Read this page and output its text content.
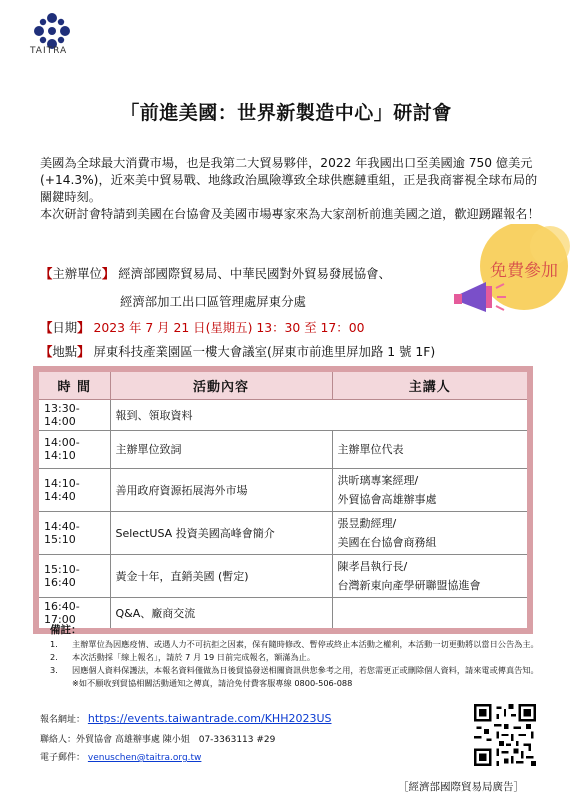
TAITRA
「前進美國：世界新製造中心」研討會

美國為全球最大消費市場，也是我第二大貿易夥伴，2022 年我國出口至美國逾 750 億美元(+14.3%)，近來美中貿易戰、地緣政治風險導致全球供應鏈重組，正是我商審視全球布局的關鍵時刻。

本次研討會特請到美國在台協會及美國市場專家來為大家剖析前進美國之道，歡迎踴躍報名！

免費參加
【主辦單位】 經濟部國際貿易局、中華民國對外貿易發展協會、
經濟部加工出口區管理處屏東分處
【日期】 2023 年 7 月 21 日(星期五) 13：30 至 17：00
【地點】 屏東科技產業園區一樓大會議室(屏東市前進里屏加路 1 號 1F)
時 間	活動內容	主講人
13:30-14:00	報到、領取資料	
14:00-14:10	主辦單位致詞	主辦單位代表
14:10-14:40	善用政府資源拓展海外市場	洪昕璃專案經理/
外貿協會高雄辦事處

14:40-15:10	SelectUSA 投資美國高峰會簡介	張昱勳經理/
美國在台協會商務組

15:10-16:40	黃金十年，直銷美國 (暫定)	陳孝昌執行長/
台灣新東向產學研聯盟協進會

16:40-17:00	Q&A、廠商交流	
備註：
1.	主辦單位為因應疫情、或遇人力不可抗拒之因素，保有隨時修改、暫停或終止本活動之權利，本活動一切更動將以當日公告為主。
2.	本次活動採「線上報名」，請於 7 月 19 日前完成報名，額滿為止。
3.	因應個人資料保護法，本報名資料僅做為日後貿協發送相關資訊供您參考之用，若您需更正或刪除個人資料，請來電或傳真告知。※如不願收到貿協相關活動通知之傳真，請洽免付費客服專線 0800-506-088
報名網址： https://events.taiwantrade.com/KHH2023US
聯絡人：外貿協會 高雄辦事處 陳小姐　07-3363113 #29
電子郵件： venuschen@taitra.org.tw
［經濟部國際貿易局廣告］
